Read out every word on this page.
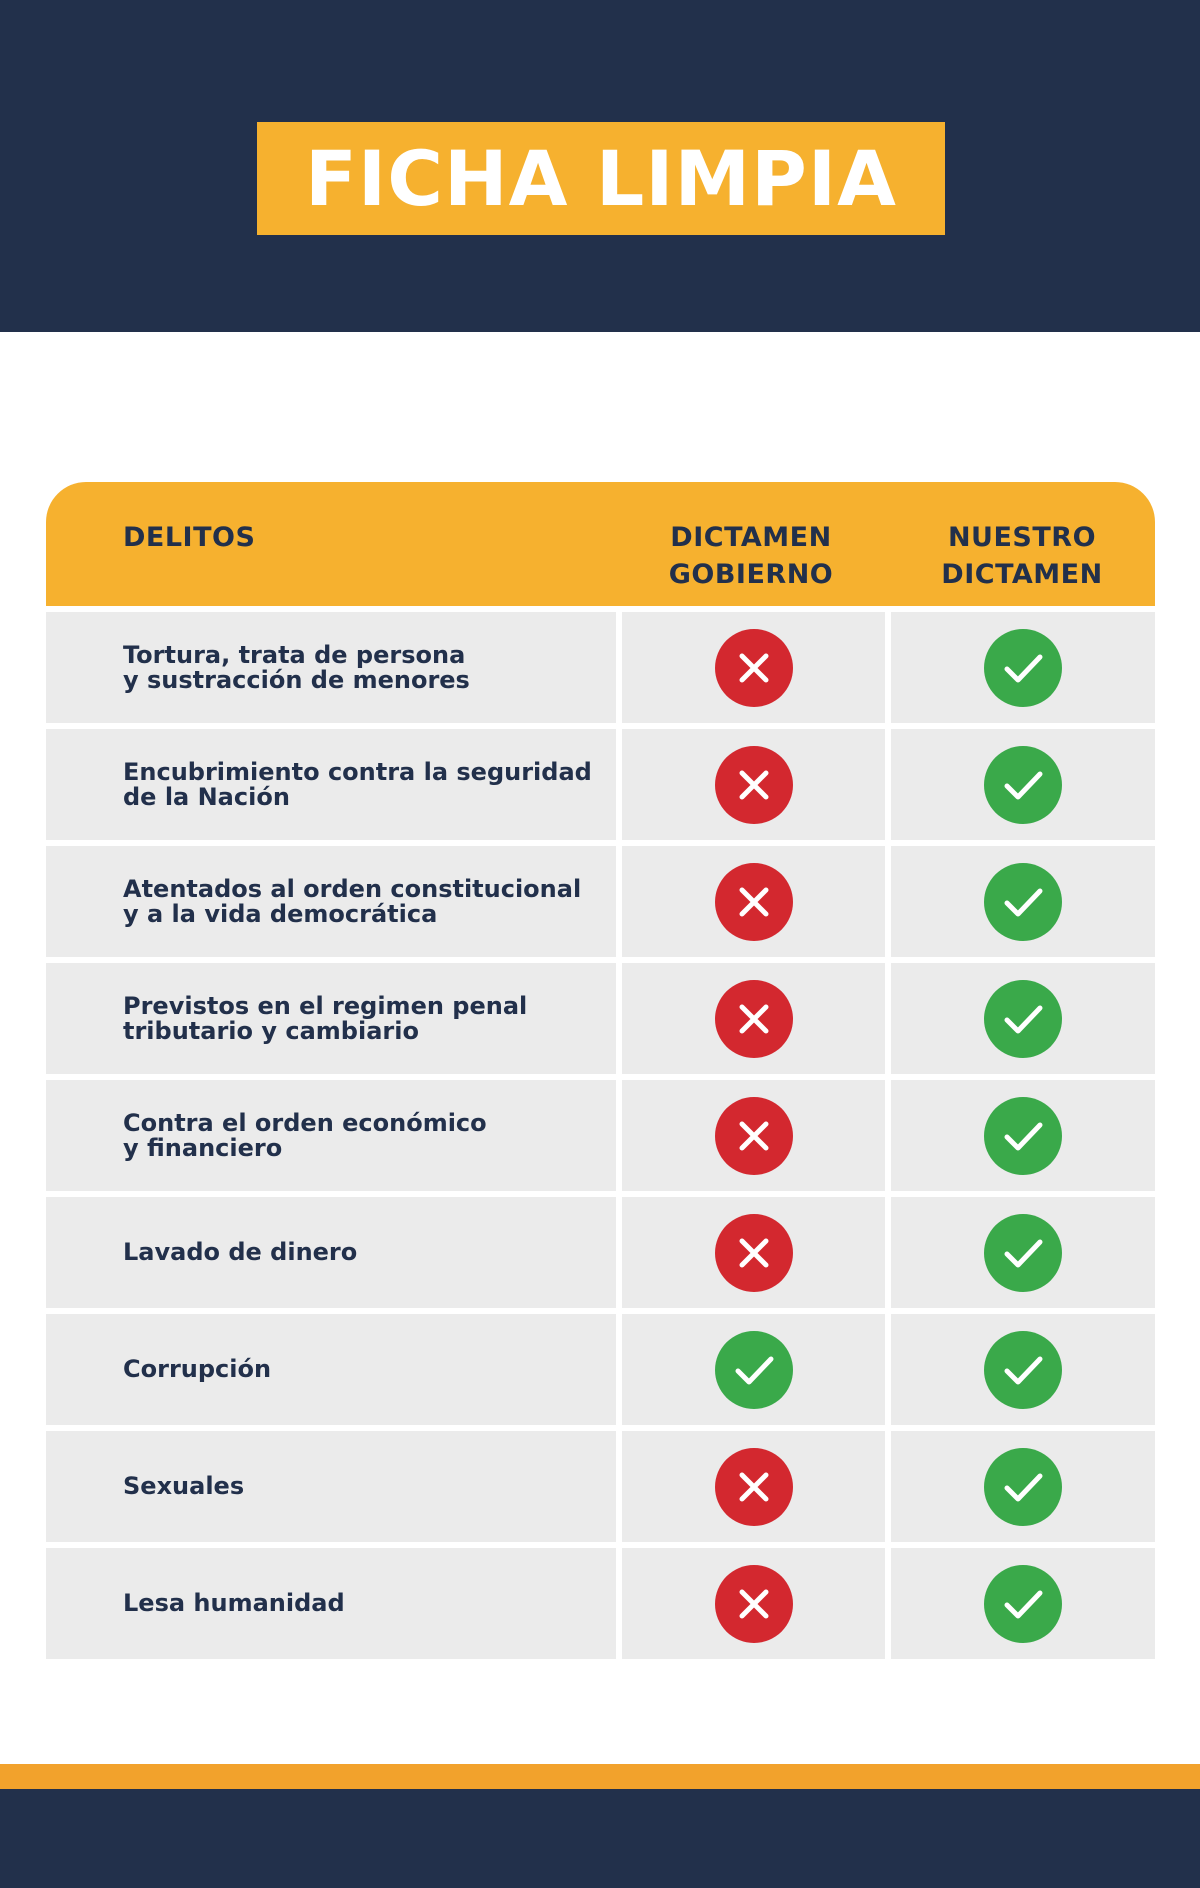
FICHA LIMPIA
DELITOS	DICTAMEN
GOBIERNO
NUESTRO
DICTAMEN
Tortura, trata de persona
y sustracción de menores
Encubrimiento contra la seguridad
de la Nación
Atentados al orden constitucional
y a la vida democrática
Previstos en el regimen penal
tributario y cambiario
Contra el orden económico
y financiero
Lavado de dinero
Corrupción
Sexuales
Lesa humanidad
